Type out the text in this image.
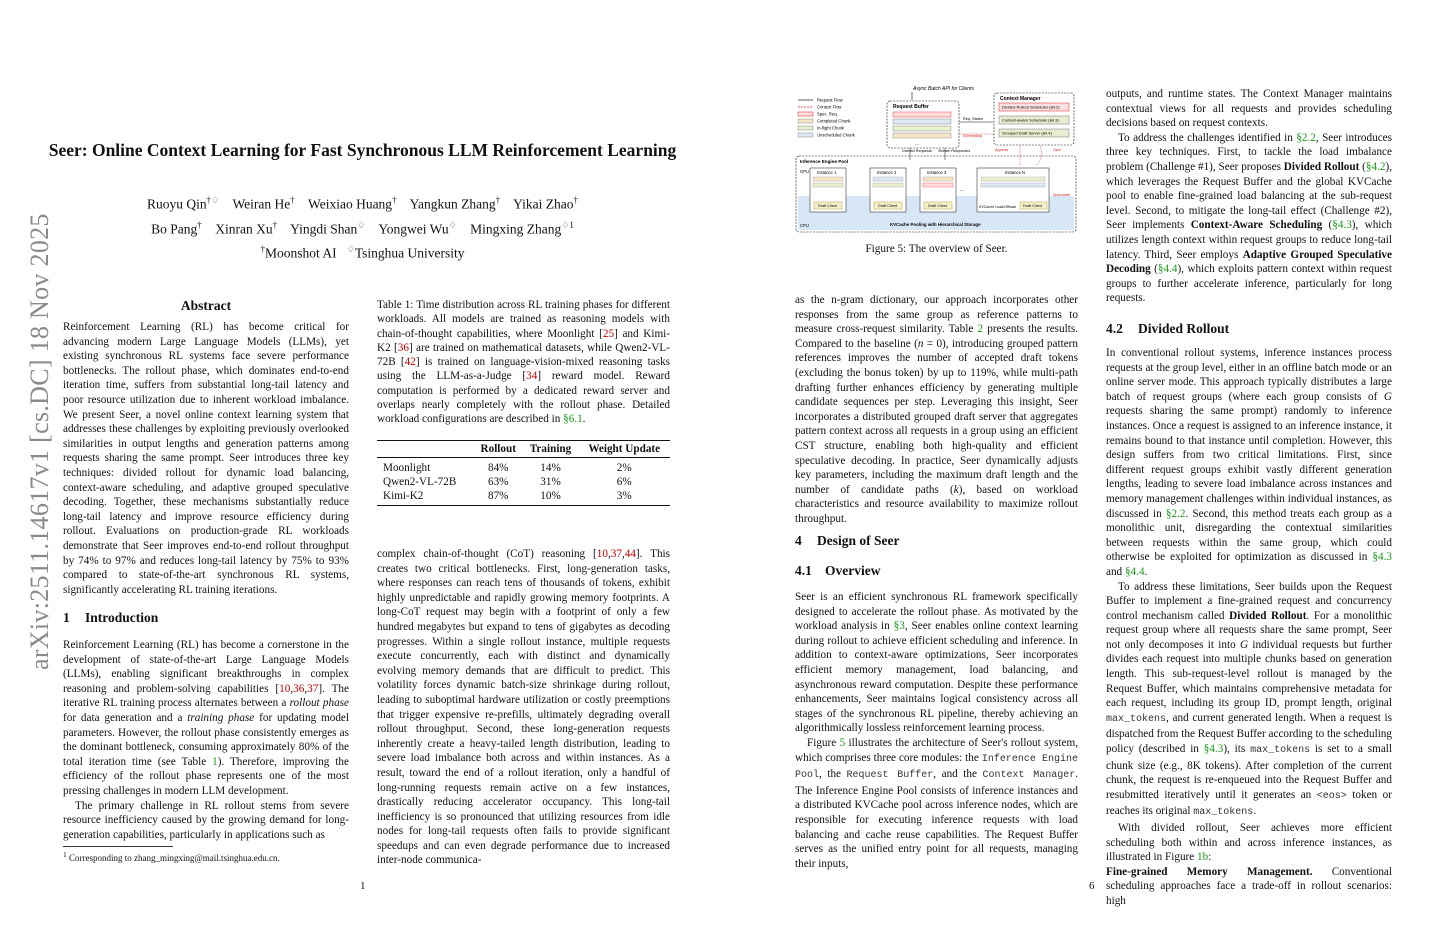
arXiv:2511.14617v1 [cs.DC] 18 Nov 2025
Seer: Online Context Learning for Fast Synchronous LLM Reinforcement Learning
Ruoyu Qin†♢ Weiran He† Weixiao Huang† Yangkun Zhang† Yikai Zhao†
Bo Pang† Xinran Xu† Yingdi Shan♢ Yongwei Wu♢ Mingxing Zhang$^{♢1}$
†Moonshot AI ♢Tsinghua University
Abstract

Reinforcement Learning (RL) has become critical for advancing modern Large Language Models (LLMs), yet existing synchronous RL systems face severe performance bottlenecks. The rollout phase, which dominates end-to-end iteration time, suffers from substantial long-tail latency and poor resource utilization due to inherent workload imbalance. We present Seer, a novel online context learning system that addresses these challenges by exploiting previously overlooked similarities in output lengths and generation patterns among requests sharing the same prompt. Seer introduces three key techniques: divided rollout for dynamic load balancing, context-aware scheduling, and adaptive grouped speculative decoding. Together, these mechanisms substantially reduce long-tail latency and improve resource efficiency during rollout. Evaluations on production-grade RL workloads demonstrate that Seer improves end-to-end rollout throughput by 74% to 97% and reduces long-tail latency by 75% to 93% compared to state-of-the-art synchronous RL systems, significantly accelerating RL training iterations.

1 Introduction

Reinforcement Learning (RL) has become a cornerstone in the development of state-of-the-art Large Language Models (LLMs), enabling significant breakthroughs in complex reasoning and problem-solving capabilities [10,36,37]. The iterative RL training process alternates between a rollout phase for data generation and a training phase for updating model parameters. However, the rollout phase consistently emerges as the dominant bottleneck, consuming approximately 80% of the total iteration time (see Table 1). Therefore, improving the efficiency of the rollout phase represents one of the most pressing challenges in modern LLM development.

The primary challenge in RL rollout stems from severe resource inefficiency caused by the growing demand for long-generation capabilities, particularly in applications such as

$^1$ Corresponding to zhang_mingxing@mail.tsinghua.edu.cn.

Table 1: Time distribution across RL training phases for different workloads. All models are trained as reasoning models with chain-of-thought capabilities, where Moonlight [25] and Kimi-K2 [36] are trained on mathematical datasets, while Qwen2-VL-72B [42] is trained on language-vision-mixed reasoning tasks using the LLM-as-a-Judge [34] reward model. Reward computation is performed by a dedicated reward server and overlaps nearly completely with the rollout phase. Detailed workload configurations are described in §6.1.

	Rollout	Training	Weight Update
Moonlight	84%	14%	2%
Qwen2-VL-72B	63%	31%	6%
Kimi-K2	87%	10%	3%

complex chain-of-thought (CoT) reasoning [10,37,44]. This creates two critical bottlenecks. First, long-generation tasks, where responses can reach tens of thousands of tokens, exhibit highly unpredictable and rapidly growing memory footprints. A long-CoT request may begin with a footprint of only a few hundred megabytes but expand to tens of gigabytes as decoding progresses. Within a single rollout instance, multiple requests execute concurrently, each with distinct and dynamically evolving memory demands that are difficult to predict. This volatility forces dynamic batch-size shrinkage during rollout, leading to suboptimal hardware utilization or costly preemptions that trigger expensive re-prefills, ultimately degrading overall rollout throughput. Second, these long-generation requests inherently create a heavy-tailed length distribution, leading to severe load imbalance both across and within instances. As a result, toward the end of a rollout iteration, only a handful of long-running requests remain active on a few instances, drastically reducing accelerator occupancy. This long-tail inefficiency is so pronounced that utilizing resources from idle nodes for long-tail requests often fails to provide significant speedups and can even degrade performance due to increased inter-node communica-

1	6
Async Batch API for Clients
Request Flow
Context Flow
Spec. Req.
Completed Chunk
In-flight Chunk
Unscheduled Chunk
Request Buffer
...
Req. States
Scheduling
Context Manager
Divided Rollout Scheduler (§4.2)
Context-aware Scheduler (§4.3)
Grouped Draft Server (§4.4)
Append	Sync
Divided Requests Stream Responses
Inference Engine Pool
GPU
CPU
Instance 1
Draft Client
Instance 2
Draft Client
Instance 3
Draft Client
...
Instance N
KVCache Load/Offload Draft Client
Speculate
KVCache Pooling with Hierarchical Storage
Figure 5: The overview of Seer.

as the n-gram dictionary, our approach incorporates other responses from the same group as reference patterns to measure cross-request similarity. Table 2 presents the results. Compared to the baseline (n = 0), introducing grouped pattern references improves the number of accepted draft tokens (excluding the bonus token) by up to 119%, while multi-path drafting further enhances efficiency by generating multiple candidate sequences per step. Leveraging this insight, Seer incorporates a distributed grouped draft server that aggregates pattern context across all requests in a group using an efficient CST structure, enabling both high-quality and efficient speculative decoding. In practice, Seer dynamically adjusts key parameters, including the maximum draft length and the number of candidate paths (k), based on workload characteristics and resource availability to maximize rollout throughput.

4 Design of Seer
4.1 Overview

Seer is an efficient synchronous RL framework specifically designed to accelerate the rollout phase. As motivated by the workload analysis in §3, Seer enables online context learning during rollout to achieve efficient scheduling and inference. In addition to context-aware optimizations, Seer incorporates efficient memory management, load balancing, and asynchronous reward computation. Despite these performance enhancements, Seer maintains logical consistency across all stages of the synchronous RL pipeline, thereby achieving an algorithmically lossless reinforcement learning process.

Figure 5 illustrates the architecture of Seer's rollout system, which comprises three core modules: the Inference Engine Pool, the Request Buffer, and the Context Manager. The Inference Engine Pool consists of inference instances and a distributed KVCache pool across inference nodes, which are responsible for executing inference requests with load balancing and cache reuse capabilities. The Request Buffer serves as the unified entry point for all requests, managing their inputs,

outputs, and runtime states. The Context Manager maintains contextual views for all requests and provides scheduling decisions based on request contexts.

To address the challenges identified in §2.2, Seer introduces three key techniques. First, to tackle the load imbalance problem (Challenge #1), Seer proposes Divided Rollout (§4.2), which leverages the Request Buffer and the global KVCache pool to enable fine-grained load balancing at the sub-request level. Second, to mitigate the long-tail effect (Challenge #2), Seer implements Context-Aware Scheduling (§4.3), which utilizes length context within request groups to reduce long-tail latency. Third, Seer employs Adaptive Grouped Speculative Decoding (§4.4), which exploits pattern context within request groups to further accelerate inference, particularly for long requests.

4.2 Divided Rollout

In conventional rollout systems, inference instances process requests at the group level, either in an offline batch mode or an online server mode. This approach typically distributes a large batch of request groups (where each group consists of G requests sharing the same prompt) randomly to inference instances. Once a request is assigned to an inference instance, it remains bound to that instance until completion. However, this design suffers from two critical limitations. First, since different request groups exhibit vastly different generation lengths, leading to severe load imbalance across instances and memory management challenges within individual instances, as discussed in §2.2. Second, this method treats each group as a monolithic unit, disregarding the contextual similarities between requests within the same group, which could otherwise be exploited for optimization as discussed in §4.3 and §4.4.

To address these limitations, Seer builds upon the Request Buffer to implement a fine-grained request and concurrency control mechanism called Divided Rollout. For a monolithic request group where all requests share the same prompt, Seer not only decomposes it into G individual requests but further divides each request into multiple chunks based on generation length. This sub-request-level rollout is managed by the Request Buffer, which maintains comprehensive metadata for each request, including its group ID, prompt length, original max_tokens, and current generated length. When a request is dispatched from the Request Buffer according to the scheduling policy (described in §4.3), its max_tokens is set to a small chunk size (e.g., 8K tokens). After completion of the current chunk, the request is re-enqueued into the Request Buffer and resubmitted iteratively until it generates an <eos> token or reaches its original max_tokens.

With divided rollout, Seer achieves more efficient scheduling both within and across inference instances, as illustrated in Figure 1b:

Fine-grained Memory Management. Conventional scheduling approaches face a trade-off in rollout scenarios: high
